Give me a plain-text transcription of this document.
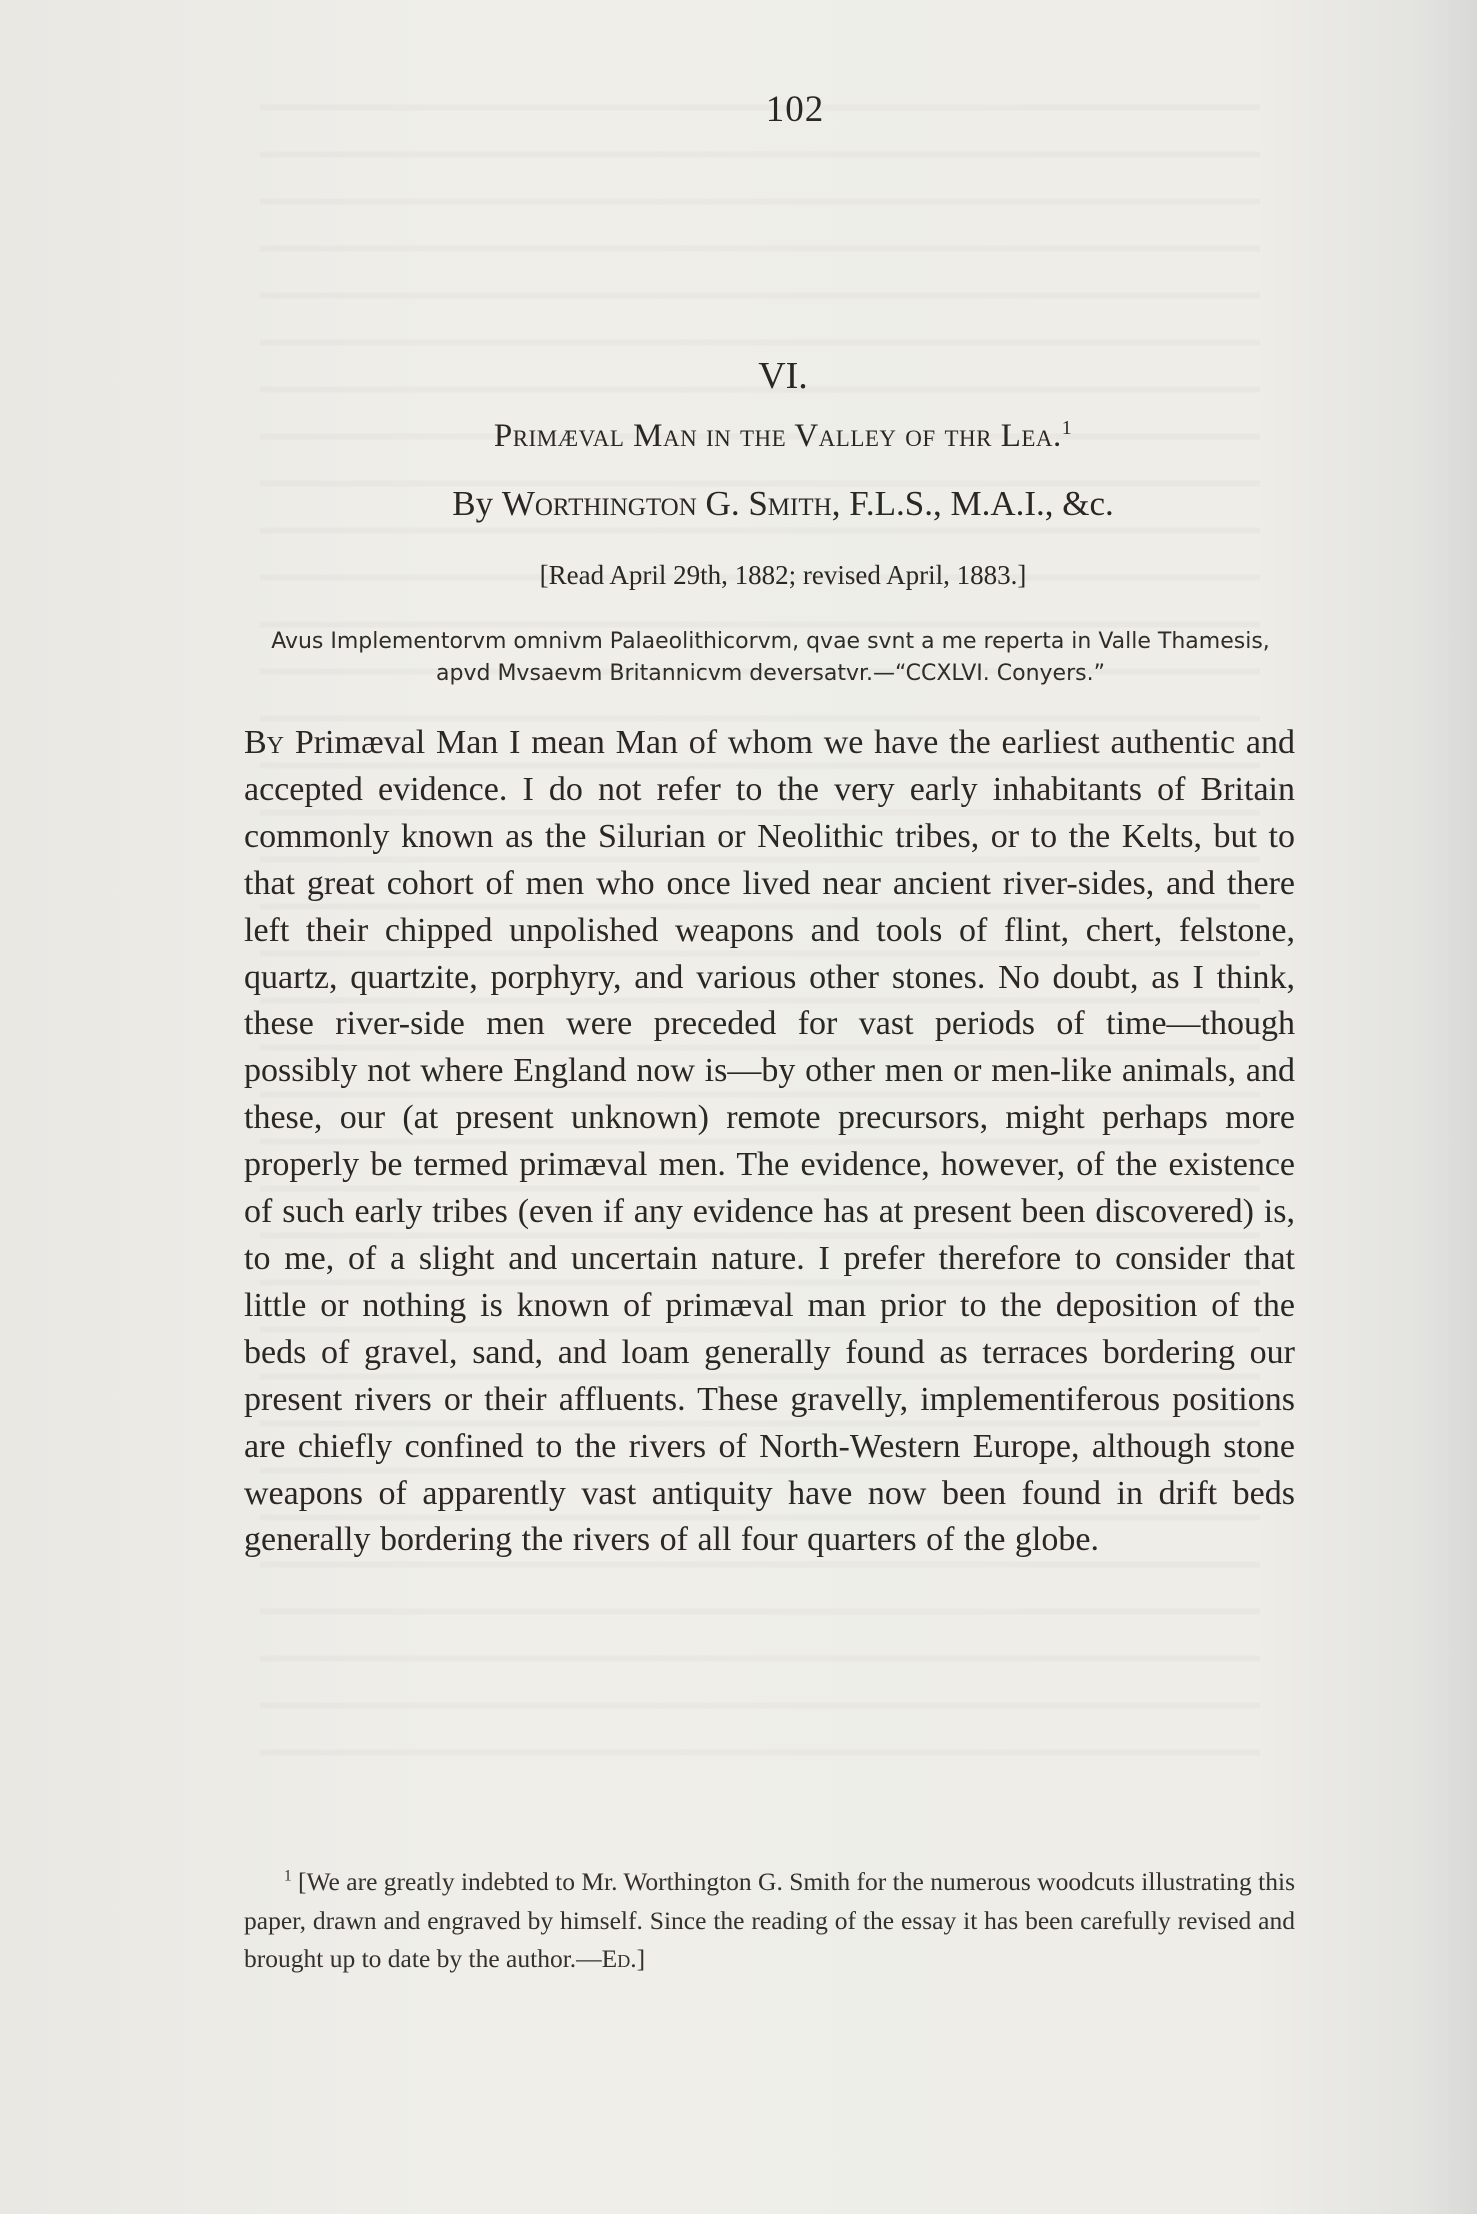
102
VI.
Primæval Man in the Valley of thr Lea.$^1$
By Worthington G. Smith, F.L.S., M.A.I., &c.
[Read April 29th, 1882; revised April, 1883.]
Avus Implementorvm omnivm Palaeolithicorvm, qvae svnt a me reperta in Valle Thamesis, apvd Mvsaevm Britannicvm deversatvr.—“CCXLVI. Conyers.”
By Primæval Man I mean Man of whom we have the earliest authentic and accepted evidence. I do not refer to the very early inhabitants of Britain commonly known as the Silurian or Neolithic tribes, or to the Kelts, but to that great cohort of men who once lived near ancient river-sides, and there left their chipped unpolished weapons and tools of flint, chert, felstone, quartz, quartzite, porphyry, and various other stones. No doubt, as I think, these river-side men were preceded for vast periods of time—though possibly not where England now is—by other men or men-like animals, and these, our (at present unknown) remote precursors, might perhaps more properly be termed primæval men. The evidence, however, of the existence of such early tribes (even if any evidence has at present been discovered) is, to me, of a slight and uncertain nature. I prefer therefore to consider that little or nothing is known of primæval man prior to the deposition of the beds of gravel, sand, and loam generally found as terraces bordering our present rivers or their affluents. These gravelly, implementiferous positions are chiefly confined to the rivers of North-Western Europe, although stone weapons of apparently vast antiquity have now been found in drift beds generally bordering the rivers of all four quarters of the globe.
$^1$ [We are greatly indebted to Mr. Worthington G. Smith for the numerous woodcuts illustrating this paper, drawn and engraved by himself. Since the reading of the essay it has been carefully revised and brought up to date by the author.—Ed.]
